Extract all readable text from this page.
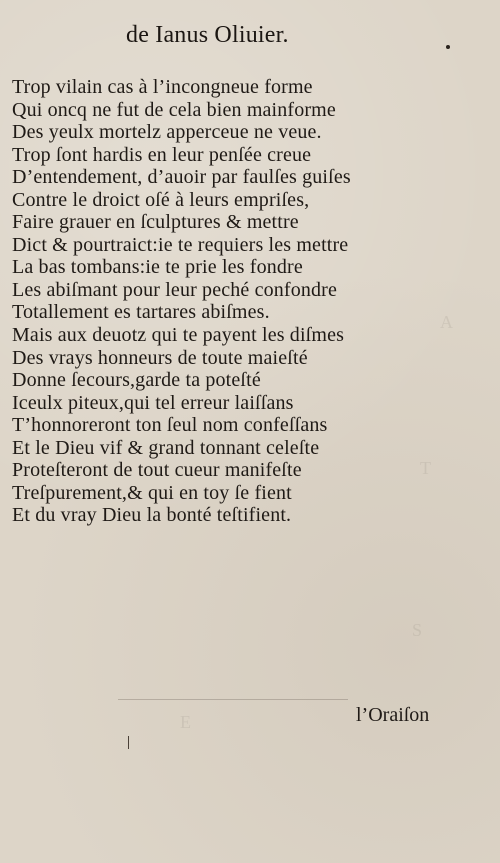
A
T
S
E
de Ianus Oliuier.
Trop vilain cas à l’incongneue forme
Qui oncq ne fut de cela bien mainforme
Des yeulx mortelz apperceue ne veue.
Trop ſont hardis en leur penſée creue
D’entendement, d’auoir par faulſes guiſes
Contre le droict oſé à leurs empriſes,
Faire grauer en ſculptures & mettre
Dict & pourtraict:ie te requiers les mettre
La bas tombans:ie te prie les fondre
Les abiſmant pour leur peché confondre
Totallement es tartares abiſmes.
Mais aux deuotz qui te payent les diſmes
Des vrays honneurs de toute maieſté
Donne ſecours,garde ta poteſté
Iceulx piteux,qui tel erreur laiſſans
T’honnoreront ton ſeul nom confeſſans
Et le Dieu vif & grand tonnant celeſte
Proteſteront de tout cueur manifeſte
Treſpurement,& qui en toy ſe fient
Et du vray Dieu la bonté teſtifient.
l’Oraiſon
